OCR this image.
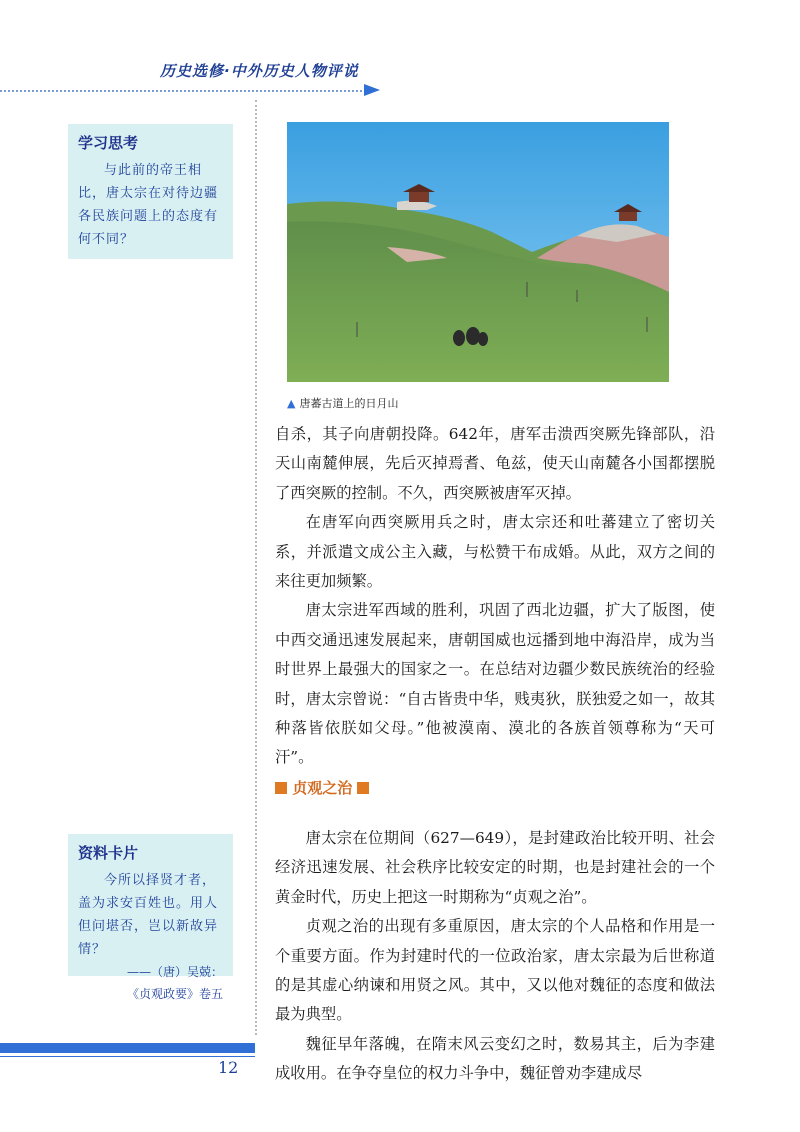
历史选修·中外历史人物评说
学习思考
与此前的帝王相比，唐太宗在对待边疆各民族问题上的态度有何不同？
资料卡片
今所以择贤才者，盖为求安百姓也。用人但问堪否，岂以新故异情？
——（唐）吴兢：
《贞观政要》卷五
▲ 唐蕃古道上的日月山

自杀，其子向唐朝投降。642年，唐军击溃西突厥先锋部队，沿天山南麓伸展，先后灭掉焉耆、龟兹，使天山南麓各小国都摆脱了西突厥的控制。不久，西突厥被唐军灭掉。

在唐军向西突厥用兵之时，唐太宗还和吐蕃建立了密切关系，并派遣文成公主入藏，与松赞干布成婚。从此，双方之间的来往更加频繁。

唐太宗进军西域的胜利，巩固了西北边疆，扩大了版图，使中西交通迅速发展起来，唐朝国威也远播到地中海沿岸，成为当时世界上最强大的国家之一。在总结对边疆少数民族统治的经验时，唐太宗曾说：“自古皆贵中华，贱夷狄，朕独爱之如一，故其种落皆依朕如父母。”他被漠南、漠北的各族首领尊称为“天可汗”。

贞观之治

唐太宗在位期间（627—649），是封建政治比较开明、社会经济迅速发展、社会秩序比较安定的时期，也是封建社会的一个黄金时代，历史上把这一时期称为“贞观之治”。

贞观之治的出现有多重原因，唐太宗的个人品格和作用是一个重要方面。作为封建时代的一位政治家，唐太宗最为后世称道的是其虚心纳谏和用贤之风。其中，又以他对魏征的态度和做法最为典型。

魏征早年落魄，在隋末风云变幻之时，数易其主，后为李建成收用。在争夺皇位的权力斗争中，魏征曾劝李建成尽

12
